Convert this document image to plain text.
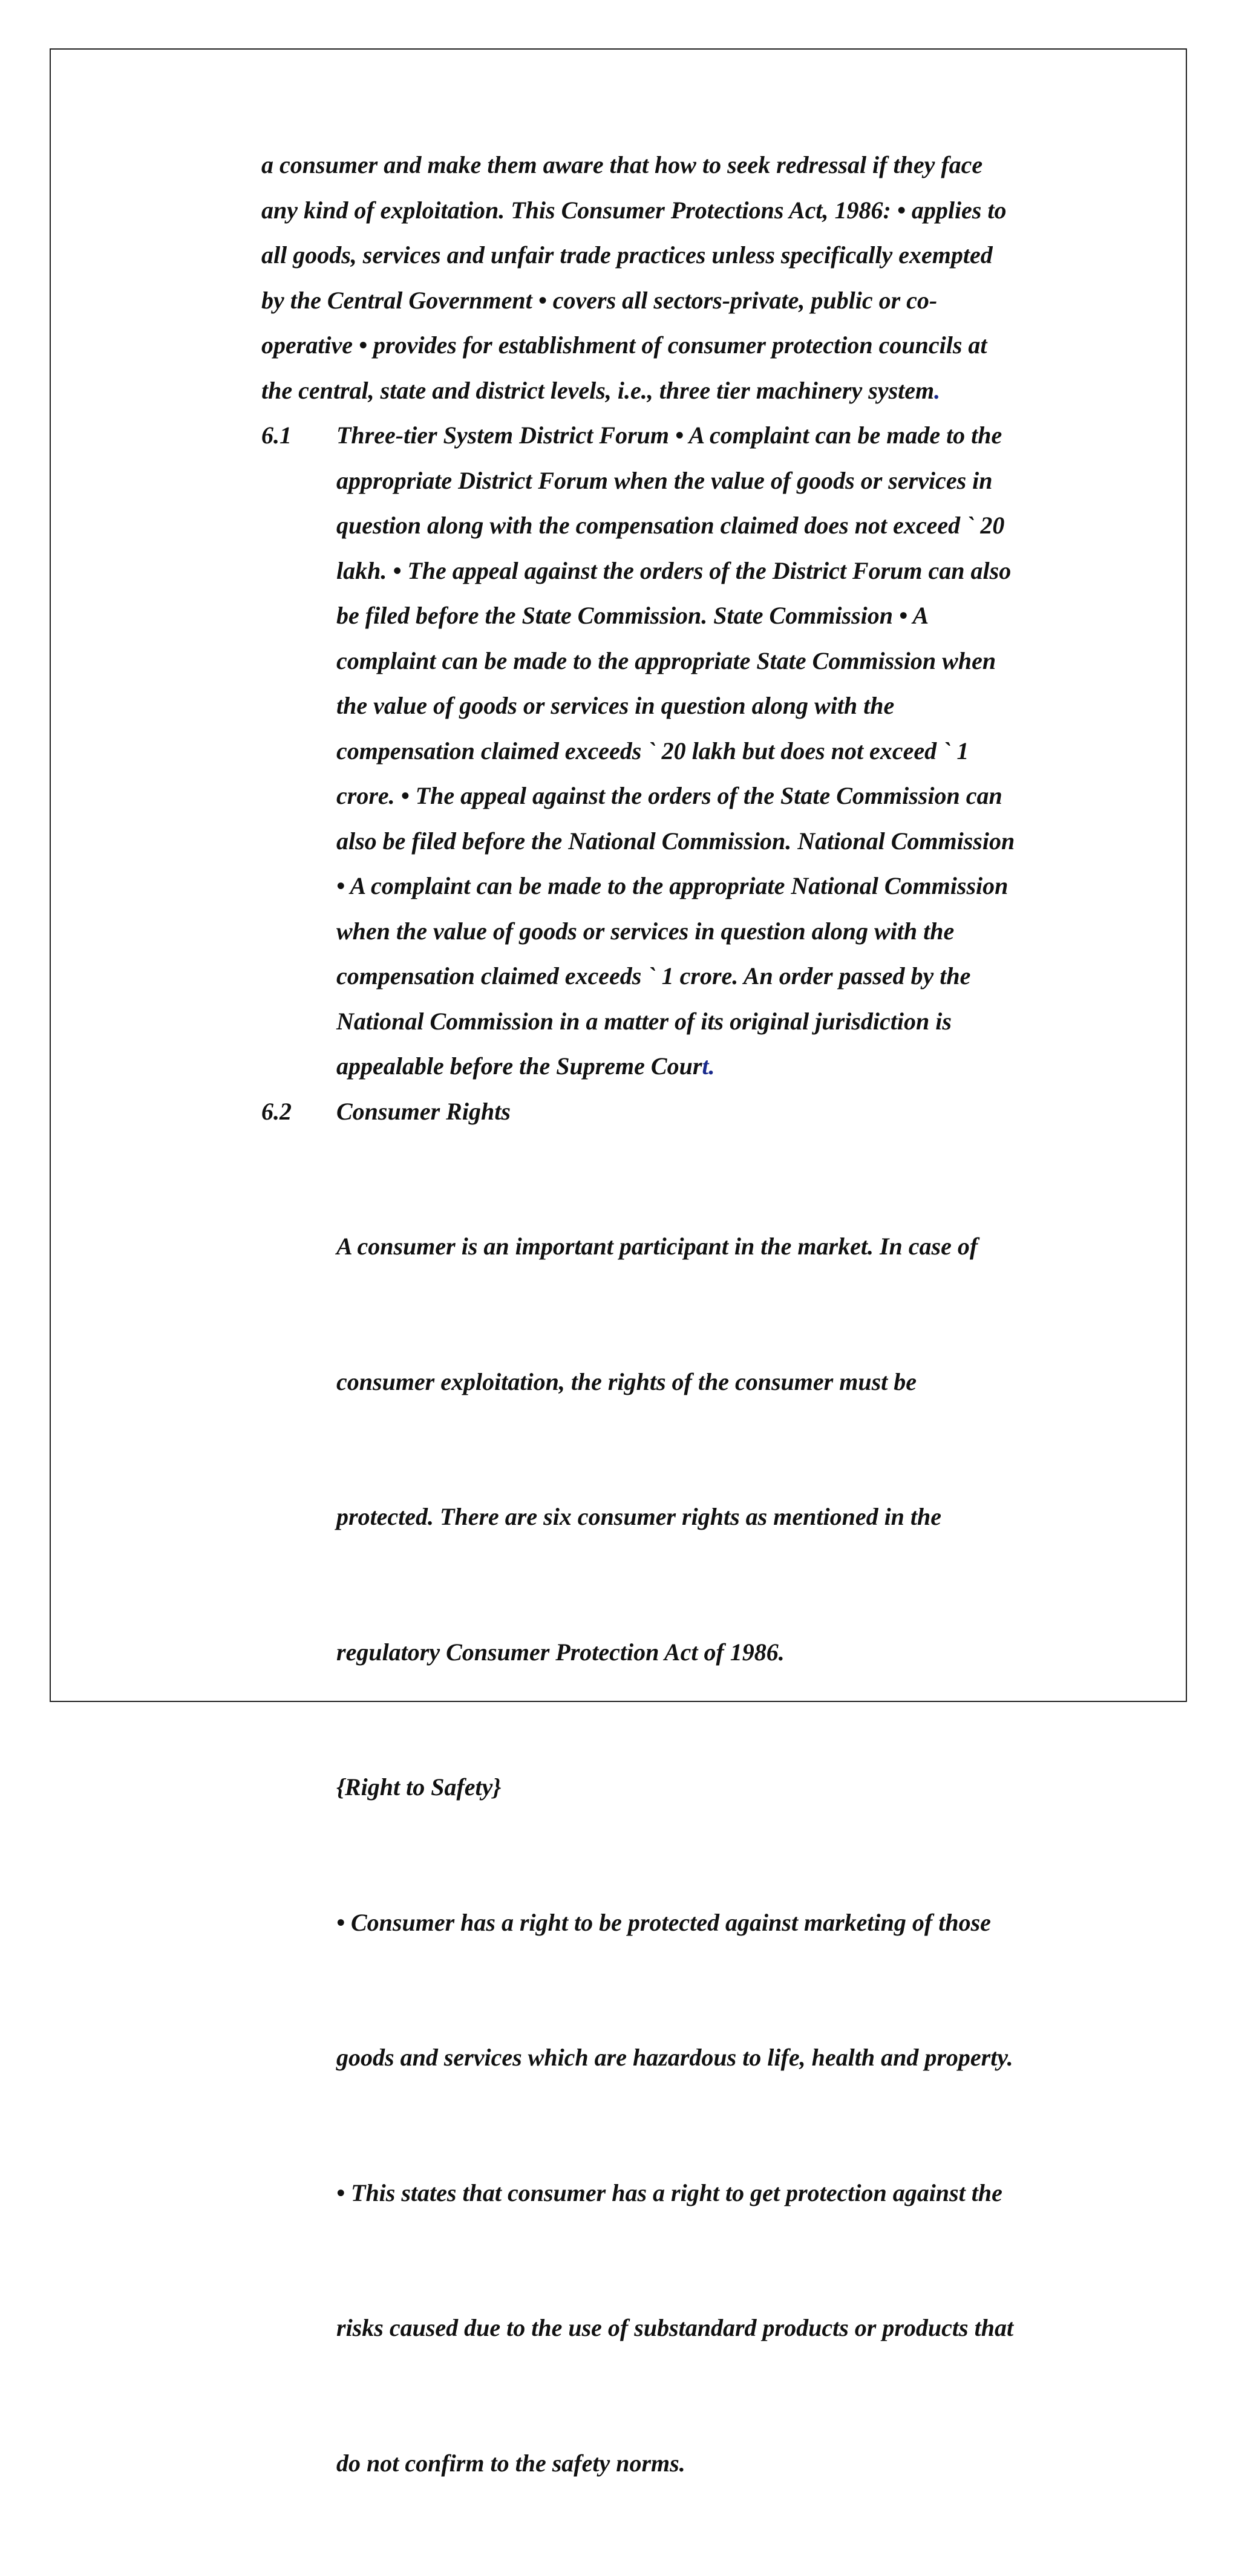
a consumer and make them aware that how to seek redressal if they face
any kind of exploitation. This Consumer Protections Act, 1986: • applies to
all goods, services and unfair trade practices unless specifically exempted
by the Central Government • covers all sectors-private, public or co-
operative • provides for establishment of consumer protection councils at
the central, state and district levels, i.e., three tier machinery system.
6.1	Three-tier System District Forum • A complaint can be made to the
appropriate District Forum when the value of goods or services in
question along with the compensation claimed does not exceed ` 20
lakh. • The appeal against the orders of the District Forum can also
be filed before the State Commission. State Commission • A
complaint can be made to the appropriate State Commission when
the value of goods or services in question along with the
compensation claimed exceeds ` 20 lakh but does not exceed ` 1
crore. • The appeal against the orders of the State Commission can
also be filed before the National Commission. National Commission
• A complaint can be made to the appropriate National Commission
when the value of goods or services in question along with the
compensation claimed exceeds ` 1 crore. An order passed by the
National Commission in a matter of its original jurisdiction is
appealable before the Supreme Court.
6.2	Consumer Rights

A consumer is an important participant in the market. In case of

consumer exploitation, the rights of the consumer must be

protected. There are six consumer rights as mentioned in the

regulatory Consumer Protection Act of 1986.

{Right to Safety}

• Consumer has a right to be protected against marketing of those

goods and services which are hazardous to life, health and property.

• This states that consumer has a right to get protection against the

risks caused due to the use of substandard products or products that

do not confirm to the safety norms.
